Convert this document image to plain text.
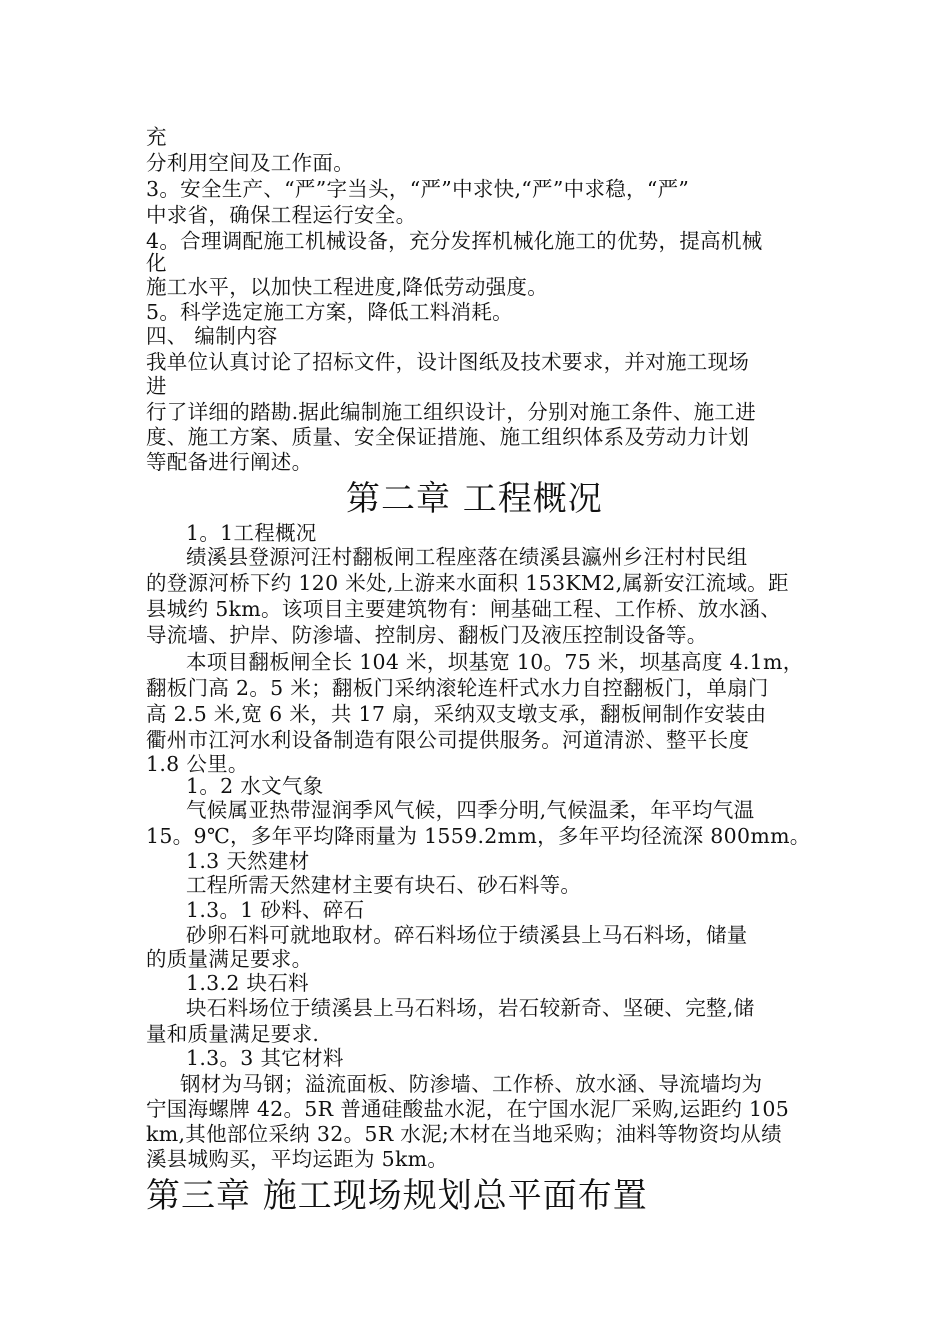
充
分利用空间及工作面。
3。安全生产、“严”字当头，“严”中求快,“严”中求稳，“严”
中求省，确保工程运行安全。
4。合理调配施工机械设备，充分发挥机械化施工的优势，提高机械
化
施工水平，以加快工程进度,降低劳动强度。
5。科学选定施工方案，降低工料消耗。
四、 编制内容
我单位认真讨论了招标文件，设计图纸及技术要求，并对施工现场
进
行了详细的踏勘.据此编制施工组织设计，分别对施工条件、施工进
度、施工方案、质量、安全保证措施、施工组织体系及劳动力计划
等配备进行阐述。
第二章 工程概况
1。1工程概况
绩溪县登源河汪村翻板闸工程座落在绩溪县瀛州乡汪村村民组
的登源河桥下约 120 米处,上游来水面积 153KM2,属新安江流域。距
县城约 5km。该项目主要建筑物有：闸基础工程、工作桥、放水涵、
导流墙、护岸、防渗墙、控制房、翻板门及液压控制设备等。
本项目翻板闸全长 104 米，坝基宽 10。75 米，坝基高度 4.1m，
翻板门高 2。5 米；翻板门采纳滚轮连杆式水力自控翻板门，单扇门
高 2.5 米,宽 6 米，共 17 扇，采纳双支墩支承，翻板闸制作安装由
衢州市江河水利设备制造有限公司提供服务。河道清淤、整平长度
1.8 公里。
1。2 水文气象
气候属亚热带湿润季风气候，四季分明,气候温柔，年平均气温
15。9℃，多年平均降雨量为 1559.2mm，多年平均径流深 800mm。
1.3 天然建材
工程所需天然建材主要有块石、砂石料等。
1.3。1 砂料、碎石
砂卵石料可就地取材。碎石料场位于绩溪县上马石料场，储量
的质量满足要求。
1.3.2 块石料
块石料场位于绩溪县上马石料场，岩石较新奇、坚硬、完整,储
量和质量满足要求.
1.3。3 其它材料
钢材为马钢；溢流面板、防渗墙、工作桥、放水涵、导流墙均为
宁国海螺牌 42。5R 普通硅酸盐水泥，在宁国水泥厂采购,运距约 105
km,其他部位采纳 32。5R 水泥;木材在当地采购；油料等物资均从绩
溪县城购买，平均运距为 5km。
第三章 施工现场规划总平面布置
